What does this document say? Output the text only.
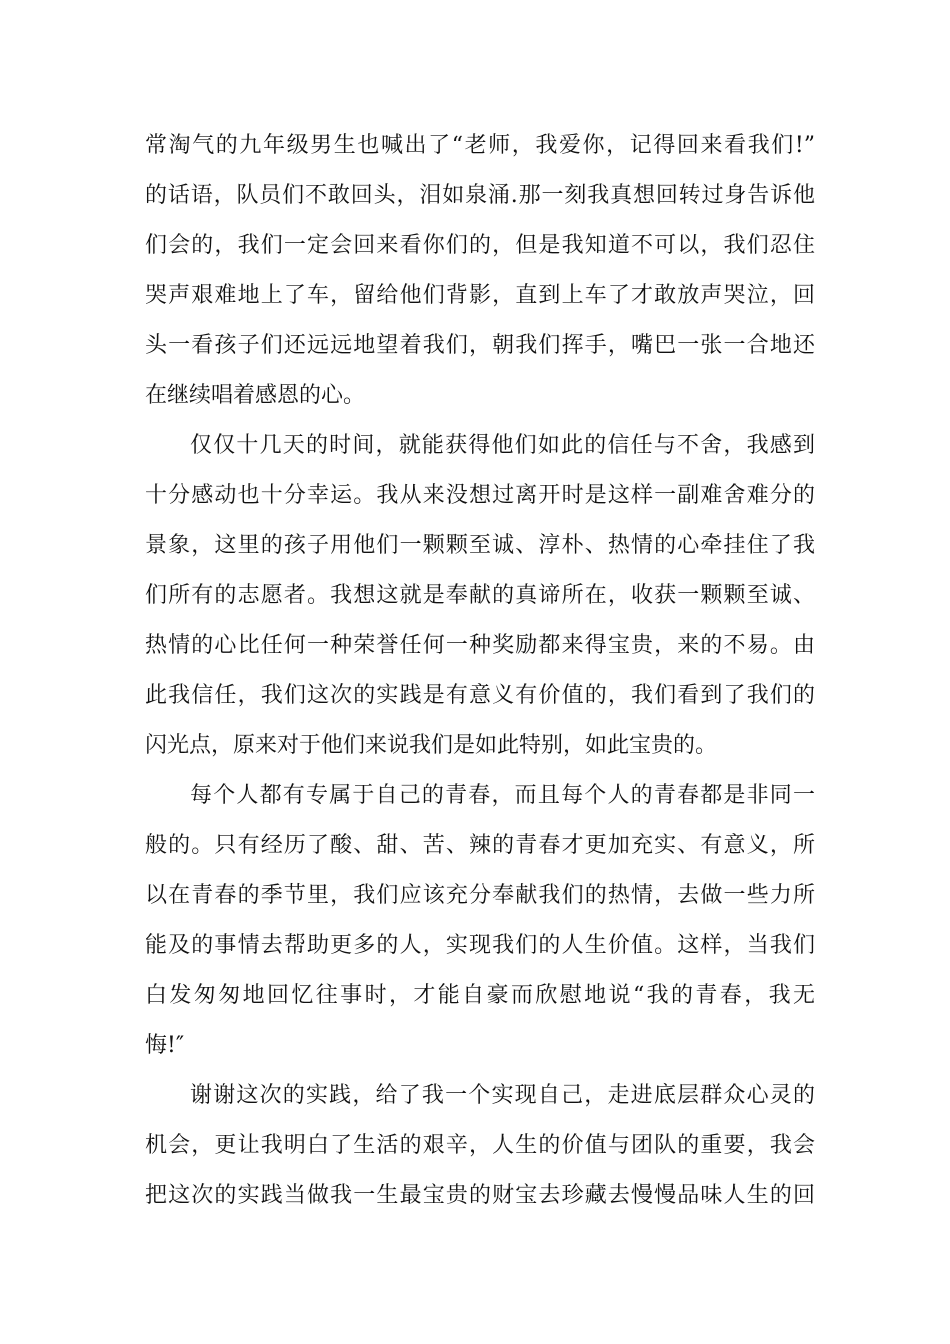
常淘气的九年级男生也喊出了“老师，我爱你，记得回来看我们!”
的话语，队员们不敢回头，泪如泉涌.那一刻我真想回转过身告诉他
们会的，我们一定会回来看你们的，但是我知道不可以，我们忍住
哭声艰难地上了车，留给他们背影，直到上车了才敢放声哭泣，回
头一看孩子们还远远地望着我们，朝我们挥手，嘴巴一张一合地还
在继续唱着感恩的心。
仅仅十几天的时间，就能获得他们如此的信任与不舍，我感到
十分感动也十分幸运。我从来没想过离开时是这样一副难舍难分的
景象，这里的孩子用他们一颗颗至诚、淳朴、热情的心牵挂住了我
们所有的志愿者。我想这就是奉献的真谛所在，收获一颗颗至诚、
热情的心比任何一种荣誉任何一种奖励都来得宝贵，来的不易。由
此我信任，我们这次的实践是有意义有价值的，我们看到了我们的
闪光点，原来对于他们来说我们是如此特别，如此宝贵的。
每个人都有专属于自己的青春，而且每个人的青春都是非同一
般的。只有经历了酸、甜、苦、辣的青春才更加充实、有意义，所
以在青春的季节里，我们应该充分奉献我们的热情，去做一些力所
能及的事情去帮助更多的人，实现我们的人生价值。这样，当我们
白发匆匆地回忆往事时，才能自豪而欣慰地说“我的青春，我无
悔!″
谢谢这次的实践，给了我一个实现自己，走进底层群众心灵的
机会，更让我明白了生活的艰辛，人生的价值与团队的重要，我会
把这次的实践当做我一生最宝贵的财宝去珍藏去慢慢品味人生的回
